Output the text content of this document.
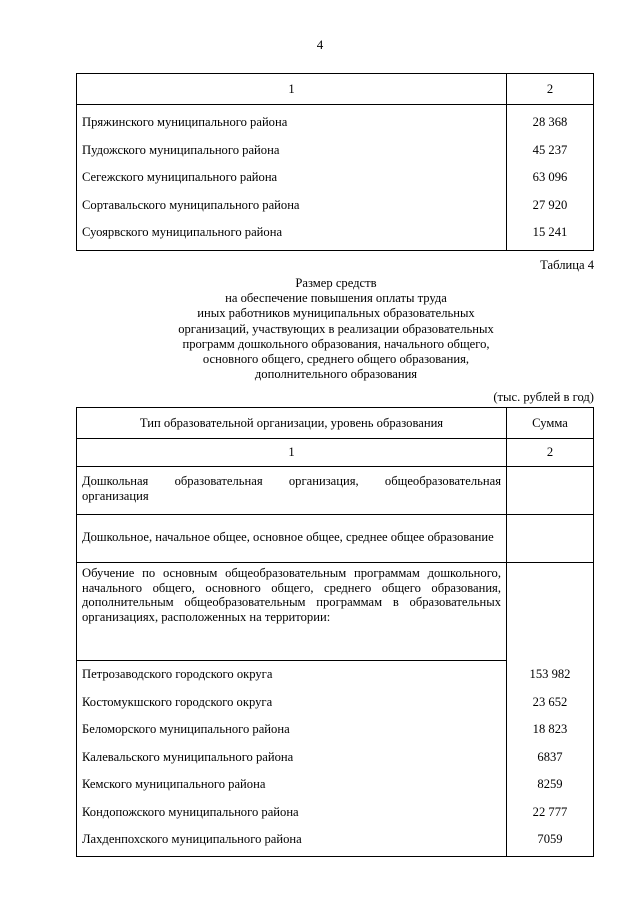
4
1	2
Пряжинского муниципального района	28 368
Пудожского муниципального района	45 237
Сегежского муниципального района	63 096
Сортавальского муниципального района	27 920
Суоярвского муниципального района	15 241
Таблица 4
Размер средств
на обеспечение повышения оплаты труда
иных работников муниципальных образовательных
организаций, участвующих в реализации образовательных
программ дошкольного образования, начального общего,
основного общего, среднего общего образования,
дополнительного образования
(тыс. рублей в год)
Тип образовательной организации, уровень образования	Сумма
1	2
Дошкольная образовательная организация, общеобразовательная организация	
Дошкольное, начальное общее, основное общее, среднее общее образование	
Обучение по основным общеобразовательным программам дошкольного, начального общего, основного общего, среднего общего образования, дополнительным общеобразовательным программам в образовательных организациях, расположенных на территории:	
Петрозаводского городского округа	153 982
Костомукшского городского округа	23 652
Беломорского муниципального района	18 823
Калевальского муниципального района	6837
Кемского муниципального района	8259
Кондопожского муниципального района	22 777
Лахденпохского муниципального района	7059
